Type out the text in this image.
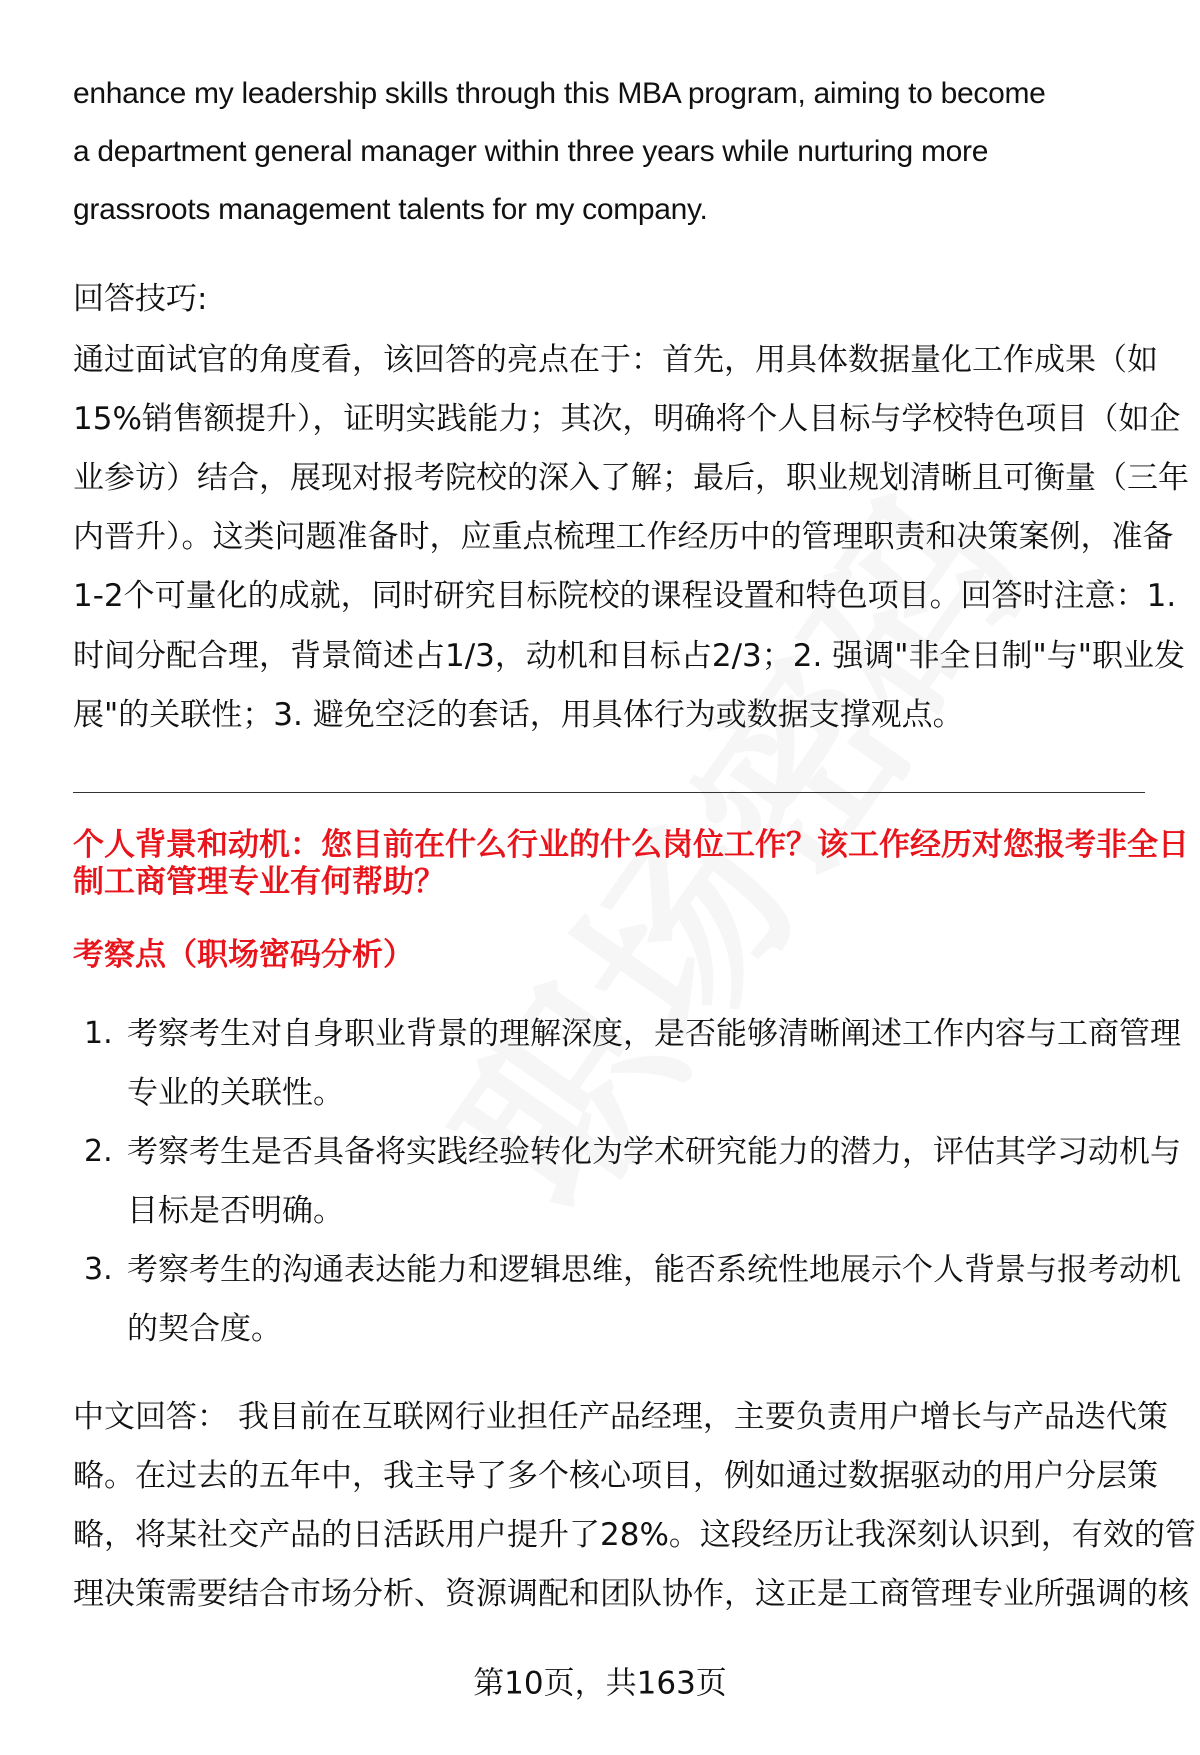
enhance my leadership skills through this MBA program, aiming to become
a department general manager within three years while nurturing more
grassroots management talents for my company.
回答技巧:
通过面试官的角度看，该回答的亮点在于：首先，用具体数据量化工作成果（如
15%销售额提升），证明实践能力；其次，明确将个人目标与学校特色项目（如企
业参访）结合，展现对报考院校的深入了解；最后，职业规划清晰且可衡量（三年
内晋升）。这类问题准备时，应重点梳理工作经历中的管理职责和决策案例，准备
1-2个可量化的成就，同时研究目标院校的课程设置和特色项目。回答时注意：1.
时间分配合理，背景简述占1/3，动机和目标占2/3；2. 强调"非全日制"与"职业发
展"的关联性；3. 避免空泛的套话，用具体行为或数据支撑观点。
个人背景和动机：您目前在什么行业的什么岗位工作？该工作经历对您报考非全日
制工商管理专业有何帮助？
考察点（职场密码分析）
1. 考察考生对自身职业背景的理解深度，是否能够清晰阐述工作内容与工商管理
专业的关联性。
2. 考察考生是否具备将实践经验转化为学术研究能力的潜力，评估其学习动机与
目标是否明确。
3. 考察考生的沟通表达能力和逻辑思维，能否系统性地展示个人背景与报考动机
的契合度。
中文回答： 我目前在互联网行业担任产品经理，主要负责用户增长与产品迭代策
略。在过去的五年中，我主导了多个核心项目，例如通过数据驱动的用户分层策
略，将某社交产品的日活跃用户提升了28%。这段经历让我深刻认识到，有效的管
理决策需要结合市场分析、资源调配和团队协作，这正是工商管理专业所强调的核
第10页，共163页
